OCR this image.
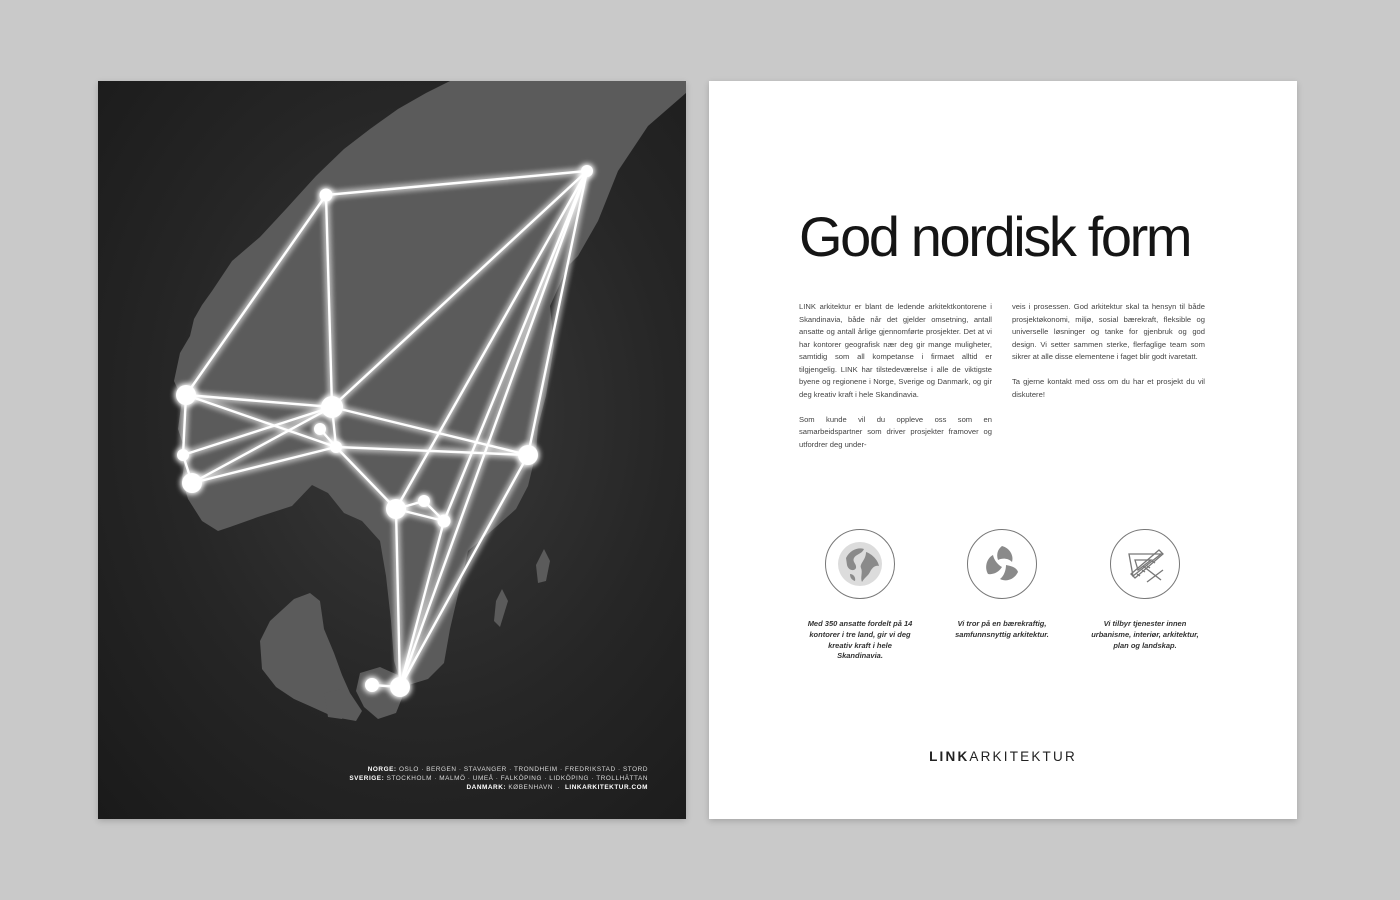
NORGE: OSLO · BERGEN · STAVANGER · TRONDHEIM · FREDRIKSTAD · STORD
SVERIGE: STOCKHOLM · MALMÖ · UMEÅ · FALKÖPING · LIDKÖPING · TROLLHÄTTAN
DANMARK: KØBENHAVN  ·  LINKARKITEKTUR.COM
God nordisk form

LINK arkitektur er blant de ledende arkitektkontorene i Skandinavia, både når det gjelder omsetning, antall ansatte og antall årlige gjennomførte prosjekter. Det at vi har kontorer geografisk nær deg gir mange muligheter, samtidig som all kompetanse i firmaet alltid er tilgjengelig. LINK har tilstedeværelse i alle de viktigste byene og regionene i Norge, Sverige og Danmark, og gir deg kreativ kraft i hele Skandinavia.

Som kunde vil du oppleve oss som en samarbeidspartner som driver prosjekter framover og utfordrer deg under-

veis i prosessen. God arkitektur skal ta hensyn til både prosjektøkonomi, miljø, sosial bærekraft, fleksible og universelle løsninger og tanke for gjenbruk og god design. Vi setter sammen sterke, flerfaglige team som sikrer at alle disse elementene i faget blir godt ivaretatt.

Ta gjerne kontakt med oss om du har et prosjekt du vil diskutere!

Med 350 ansatte fordelt på 14 kontorer i tre land, gir vi deg kreativ kraft i hele Skandinavia.
Vi tror på en bærekraftig, samfunnsnyttig arkitektur.
Vi tilbyr tjenester innen urbanisme, interiør, arkitektur, plan og landskap.
LINKARKITEKTUR
